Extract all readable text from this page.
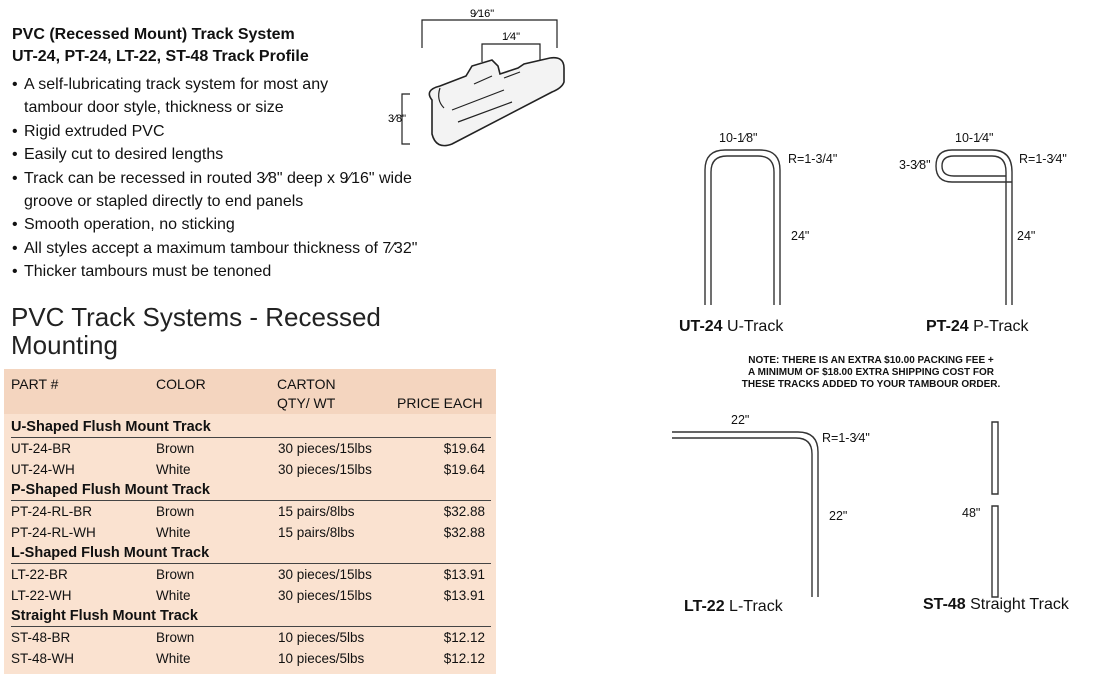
PVC (Recessed Mount) Track System
UT-24, PT-24, LT-22, ST-48 Track Profile
• A self-lubricating track system for most any
tambour door style, thickness or size
• Rigid extruded PVC
• Easily cut to desired lengths
• Track can be recessed in routed 3⁄8" deep x 9⁄16" wide
groove or stapled directly to end panels
• Smooth operation, no sticking
• All styles accept a maximum tambour thickness of 7⁄32"
• Thicker tambours must be tenoned
9⁄16"
1⁄4"
3⁄8"
PVC Track Systems - Recessed
Mounting
PART #	COLOR	CARTON
QTY/ WT	PRICE EACH
U-Shaped Flush Mount Track
UT-24-BR	Brown	30 pieces/15lbs	$19.64
UT-24-WH	White	30 pieces/15lbs	$19.64
P-Shaped Flush Mount Track
PT-24-RL-BR	Brown	15 pairs/8lbs	$32.88
PT-24-RL-WH	White	15 pairs/8lbs	$32.88
L-Shaped Flush Mount Track
LT-22-BR	Brown	30 pieces/15lbs	$13.91
LT-22-WH	White	30 pieces/15lbs	$13.91
Straight Flush Mount Track
ST-48-BR	Brown	10 pieces/5lbs	$12.12
ST-48-WH	White	10 pieces/5lbs	$12.12
10-1⁄8"
R=1-3/4"
24"
UT-24 U-Track
10-1⁄4"
3-3⁄8"	R=1-3⁄4"
24"
PT-24 P-Track
NOTE: THERE IS AN EXTRA $10.00 PACKING FEE +
A MINIMUM OF $18.00 EXTRA SHIPPING COST FOR
THESE TRACKS ADDED TO YOUR TAMBOUR ORDER.
22"
R=1-3⁄4"
22"
LT-22 L-Track
48"
ST-48 Straight Track
